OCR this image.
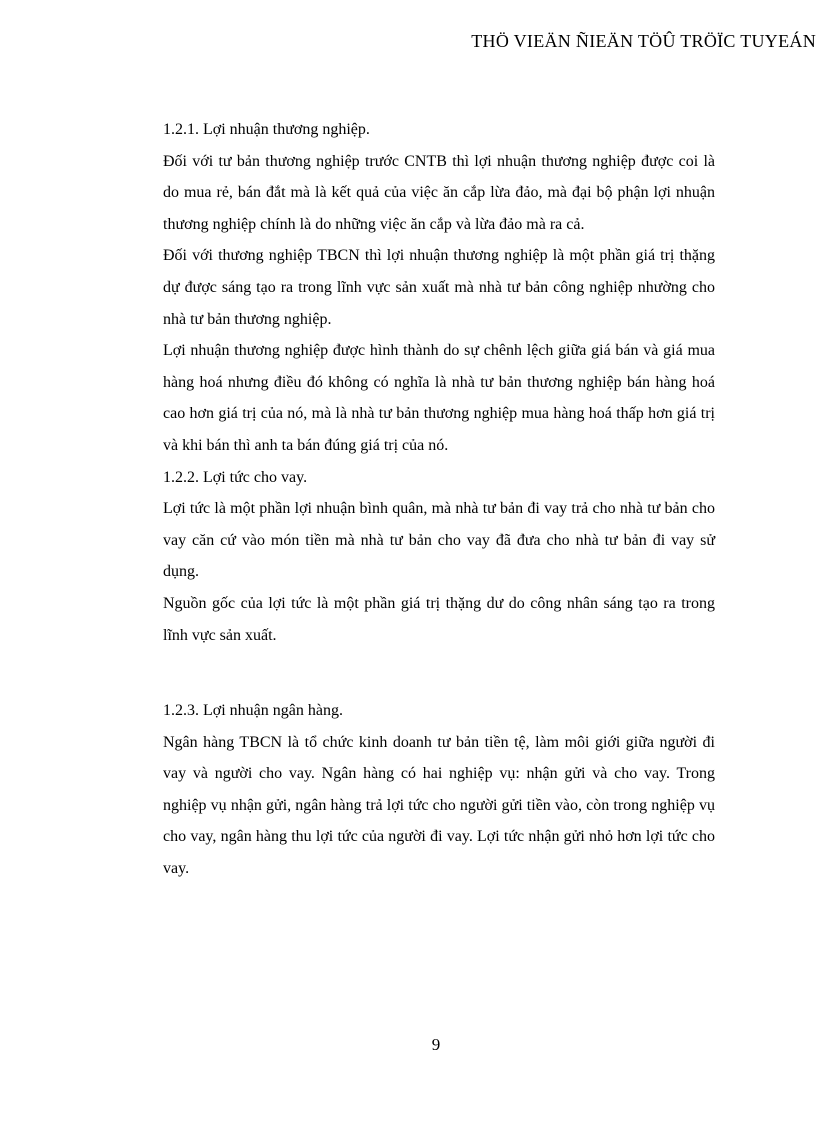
THÖ VIEÄN ÑIEÄN TÖÛ TRÖÏC TUYEÁN

1.2.1. Lợi nhuận thương nghiệp.

Đối với tư bản thương nghiệp trước CNTB thì lợi nhuận thương nghiệp được coi là do mua rẻ, bán đắt mà là kết quả của việc ăn cắp lừa đảo, mà đại bộ phận lợi nhuận thương nghiệp chính là do những việc ăn cắp và lừa đảo mà ra cả.

Đối với thương nghiệp TBCN thì lợi nhuận thương nghiệp là một phần giá trị thặng dự được sáng tạo ra trong lĩnh vực sản xuất mà nhà tư bản công nghiệp nhường cho nhà tư bản thương nghiệp.

Lợi nhuận thương nghiệp được hình thành do sự chênh lệch giữa giá bán và giá mua hàng hoá nhưng điều đó không có nghĩa là nhà tư bản thương nghiệp bán hàng hoá cao hơn giá trị của nó, mà là nhà tư bản thương nghiệp mua hàng hoá thấp hơn giá trị và khi bán thì anh ta bán đúng giá trị của nó.

1.2.2. Lợi tức cho vay.

Lợi tức là một phần lợi nhuận bình quân, mà nhà tư bản đi vay trả cho nhà tư bản cho vay căn cứ vào món tiền mà nhà tư bản cho vay đã đưa cho nhà tư bản đi vay sử dụng.

Nguồn gốc của lợi tức là một phần giá trị thặng dư do công nhân sáng tạo ra trong lĩnh vực sản xuất.

1.2.3. Lợi nhuận ngân hàng.

Ngân hàng TBCN là tổ chức kinh doanh tư bản tiền tệ, làm môi giới giữa người đi vay và người cho vay. Ngân hàng có hai nghiệp vụ: nhận gửi và cho vay. Trong nghiệp vụ nhận gửi, ngân hàng trả lợi tức cho người gửi tiền vào, còn trong nghiệp vụ cho vay, ngân hàng thu lợi tức của người đi vay. Lợi tức nhận gửi nhỏ hơn lợi tức cho vay.

9
